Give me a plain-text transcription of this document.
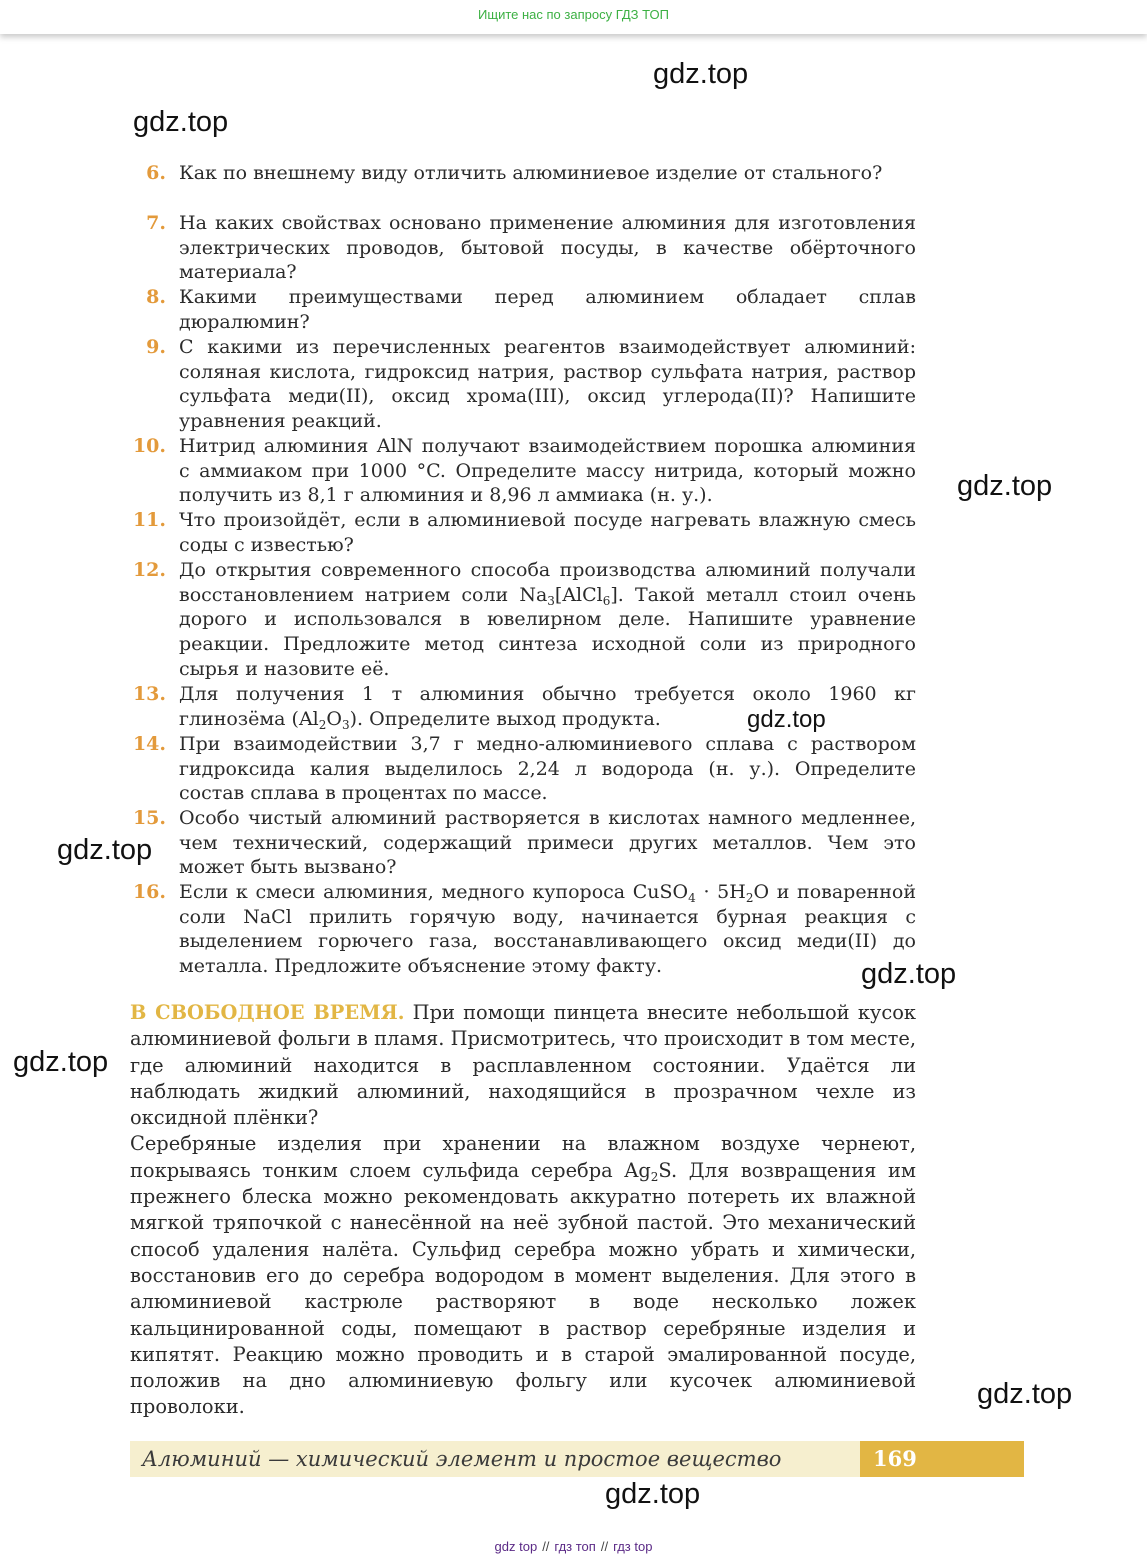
Ищите нас по запросу ГДЗ ТОП
gdz.top
gdz.top
gdz.top
gdz.top
gdz.top
gdz.top
gdz.top
gdz.top
gdz.top
6. Как по внешнему виду отличить алюминиевое изделие от стального?
7. На каких свойствах основано применение алюминия для изготовления электрических проводов, бытовой посуды, в качестве обёрточного материала?
8. Какими преимуществами перед алюминием обладает сплав дюралюмин?
9. С какими из перечисленных реагентов взаимодействует алюминий: соляная кислота, гидроксид натрия, раствор сульфата натрия, раствор сульфата меди(II), оксид хрома(III), оксид углерода(II)? Напишите уравнения реакций.
10. Нитрид алюминия AlN получают взаимодействием порошка алюминия с аммиаком при 1000 °C. Определите массу нитрида, который можно получить из 8,1 г алюминия и 8,96 л аммиака (н. у.).
11. Что произойдёт, если в алюминиевой посуде нагревать влажную смесь соды с известью?
12. До открытия современного способа производства алюминий получали восстановлением натрием соли $Na_3[AlCl_6]$. Такой металл стоил очень дорого и использовался в ювелирном деле. Напишите уравнение реакции. Предложите метод синтеза исходной соли из природного сырья и назовите её.
13. Для получения 1 т алюминия обычно требуется около 1960 кг глинозёма $(Al_2O_3)$. Определите выход продукта.
14. При взаимодействии 3,7 г медно-алюминиевого сплава с раствором гидроксида калия выделилось 2,24 л водорода (н. у.). Определите состав сплава в процентах по массе.
15. Особо чистый алюминий растворяется в кислотах намного медленнее, чем технический, содержащий примеси других металлов. Чем это может быть вызвано?
16. Если к смеси алюминия, медного купороса CuSO$_4$ · $5H_2O$ и поваренной соли NaCl прилить горячую воду, начинается бурная реакция с выделением горючего газа, восстанавливающего оксид меди(II) до металла. Предложите объяснение этому факту.
В СВОБОДНОЕ ВРЕМЯ. При помощи пинцета внесите небольшой кусок алюминиевой фольги в пламя. Присмотритесь, что происходит в том месте, где алюминий находится в расплавленном состоянии. Удаётся ли наблюдать жидкий алюминий, находящийся в прозрачном чехле из оксидной плёнки?
Серебряные изделия при хранении на влажном воздухе чернеют, покрываясь тонким слоем сульфида серебра $Ag_2S$. Для возвращения им прежнего блеска можно рекомендовать аккуратно потереть их влажной мягкой тряпочкой с нанесённой на неё зубной пастой. Это механический способ удаления налёта. Сульфид серебра можно убрать и химически, восстановив его до серебра водородом в момент выделения. Для этого в алюминиевой кастрюле растворяют в воде несколько ложек кальцинированной соды, помещают в раствор серебряные изделия и кипятят. Реакцию можно проводить и в старой эмалированной посуде, положив на дно алюминиевую фольгу или кусочек алюминиевой проволоки.
Алюминий — химический элемент и простое вещество	169
gdz top // гдз топ // гдз top
